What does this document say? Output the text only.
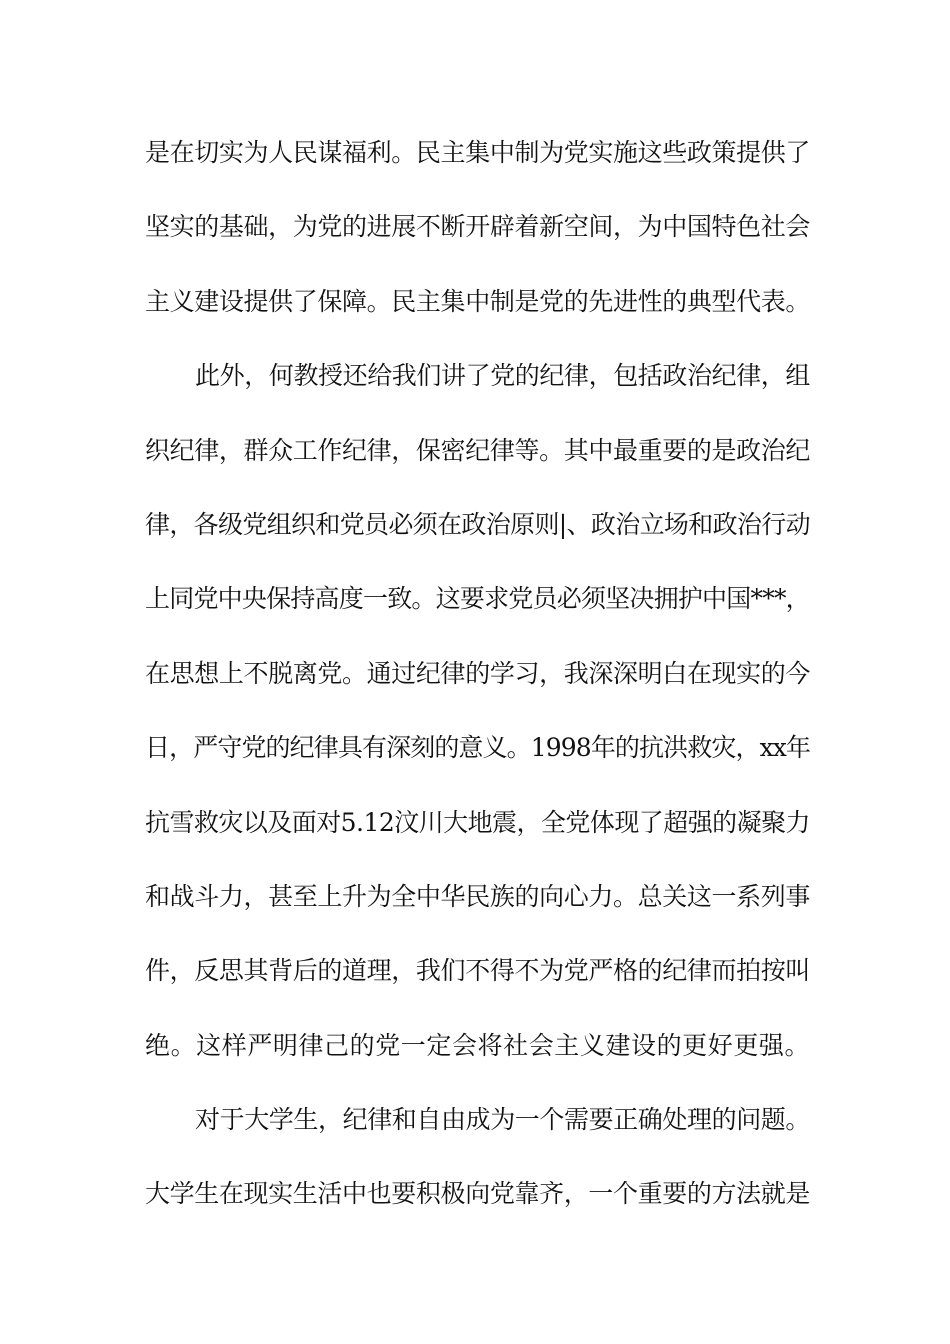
是在切实为人民谋福利。民主集中制为党实施这些政策提供了
坚实的基础，为党的进展不断开辟着新空间，为中国特色社会
主义建设提供了保障。民主集中制是党的先进性的典型代表。
此外，何教授还给我们讲了党的纪律，包括政治纪律，组
织纪律，群众工作纪律，保密纪律等。其中最重要的是政治纪
律，各级党组织和党员必须在政治原则|、政治立场和政治行动
上同党中央保持高度一致。这要求党员必须坚决拥护中国***，
在思想上不脱离党。通过纪律的学习，我深深明白在现实的今
日，严守党的纪律具有深刻的意义。1998年的抗洪救灾，xx年
抗雪救灾以及面对5.12汶川大地震，全党体现了超强的凝聚力
和战斗力，甚至上升为全中华民族的向心力。总关这一系列事
件，反思其背后的道理，我们不得不为党严格的纪律而拍按叫
绝。这样严明律己的党一定会将社会主义建设的更好更强。
对于大学生，纪律和自由成为一个需要正确处理的问题。
大学生在现实生活中也要积极向党靠齐，一个重要的方法就是
